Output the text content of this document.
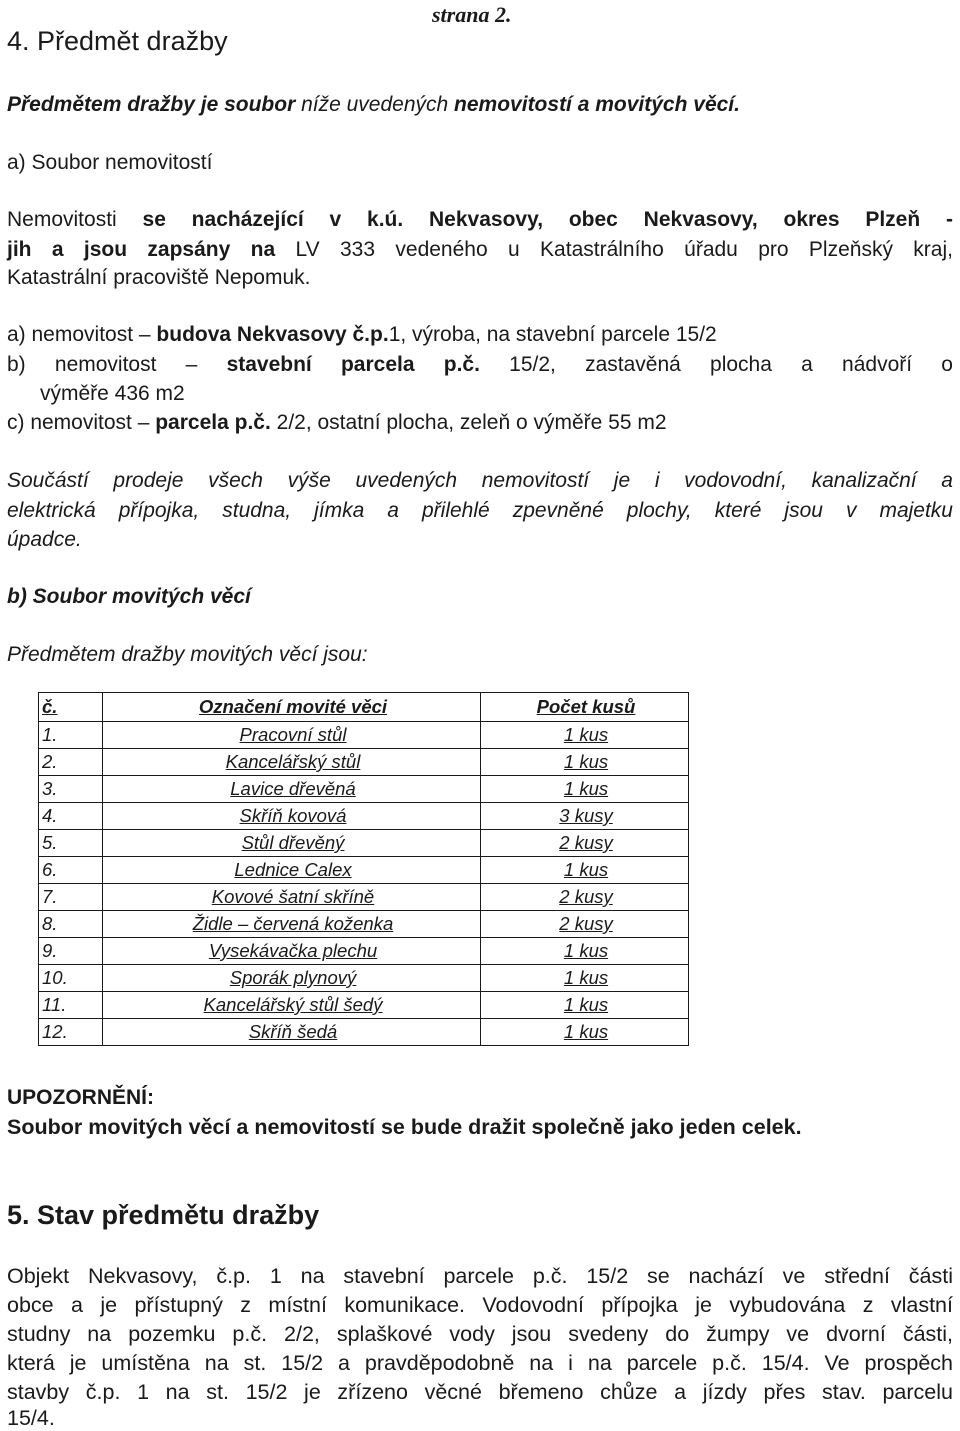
4. Předmět dražby
strana 2.
Předmětem dražby je soubor níže uvedených nemovitostí a movitých věcí.
a) Soubor nemovitostí
Nemovitosti se nacházející v k.ú. Nekvasovy, obec Nekvasovy, okres Plzeň -
jih a jsou zapsány na LV 333 vedeného u Katastrálního úřadu pro Plzeňský kraj,
Katastrální pracoviště Nepomuk.
a) nemovitost – budova Nekvasovy č.p.1, výroba, na stavební parcele 15/2
b) nemovitost – stavební parcela p.č. 15/2, zastavěná plocha a nádvoří o
výměře 436 m2
c) nemovitost – parcela p.č. 2/2, ostatní plocha, zeleň o výměře 55 m2
Součástí prodeje všech výše uvedených nemovitostí je i vodovodní, kanalizační a
elektrická přípojka, studna, jímka a přilehlé zpevněné plochy, které jsou v majetku
úpadce.
b) Soubor movitých věcí
Předmětem dražby movitých věcí jsou:
č.	Označení movité věci	Počet kusů
1.	Pracovní stůl	1 kus
2.	Kancelářský stůl	1 kus
3.	Lavice dřevěná	1 kus
4.	Skříň kovová	3 kusy
5.	Stůl dřevěný	2 kusy
6.	Lednice Calex	1 kus
7.	Kovové šatní skříně	2 kusy
8.	Židle – červená koženka	2 kusy
9.	Vysekávačka plechu	1 kus
10.	Sporák plynový	1 kus
11.	Kancelářský stůl šedý	1 kus
12.	Skříň šedá	1 kus
UPOZORNĚNÍ:
Soubor movitých věcí a nemovitostí se bude dražit společně jako jeden celek.
5. Stav předmětu dražby
Objekt Nekvasovy, č.p. 1 na stavební parcele p.č. 15/2 se nachází ve střední části
obce a je přístupný z místní komunikace. Vodovodní přípojka je vybudována z vlastní
studny na pozemku p.č. 2/2, splaškové vody jsou svedeny do žumpy ve dvorní části,
která je umístěna na st. 15/2 a pravděpodobně na i na parcele p.č. 15/4. Ve prospěch
stavby č.p. 1 na st. 15/2 je zřízeno věcné břemeno chůze a jízdy přes stav. parcelu
15/4.
